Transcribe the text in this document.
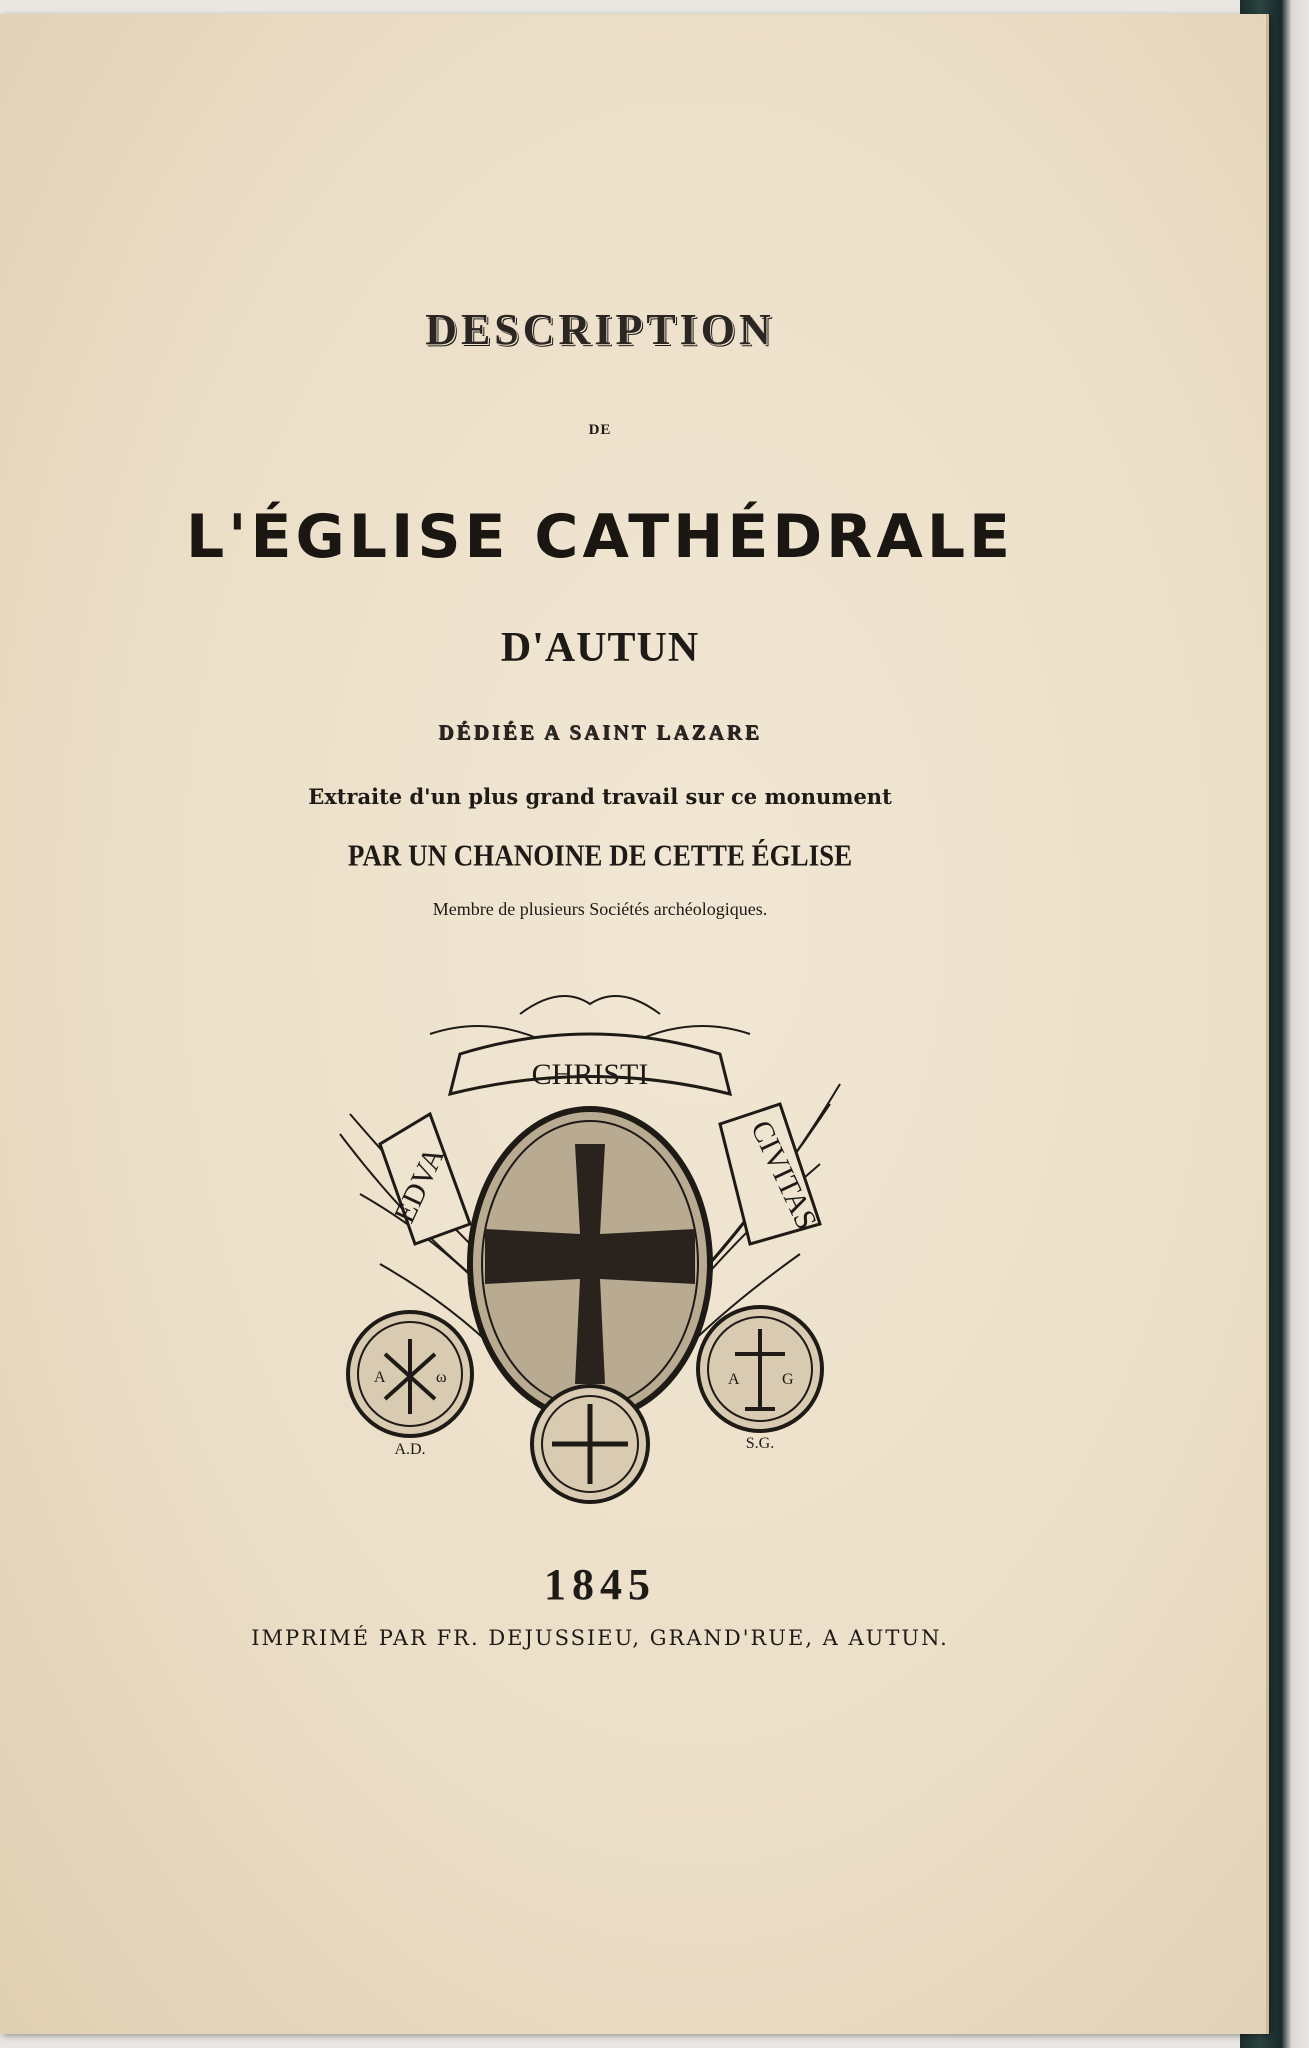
DESCRIPTION
DE
L'ÉGLISE CATHÉDRALE
D'AUTUN
DÉDIÉE A SAINT LAZARE
Extraite d'un plus grand travail sur ce monument
PAR UN CHANOINE DE CETTE ÉGLISE
Membre de plusieurs Sociétés archéologiques.
CHRISTI
EDVA	CIVITAS
A	ω
A.D.
A	G
S.G.
1845
IMPRIMÉ PAR FR. DEJUSSIEU, GRAND'RUE, A AUTUN.
